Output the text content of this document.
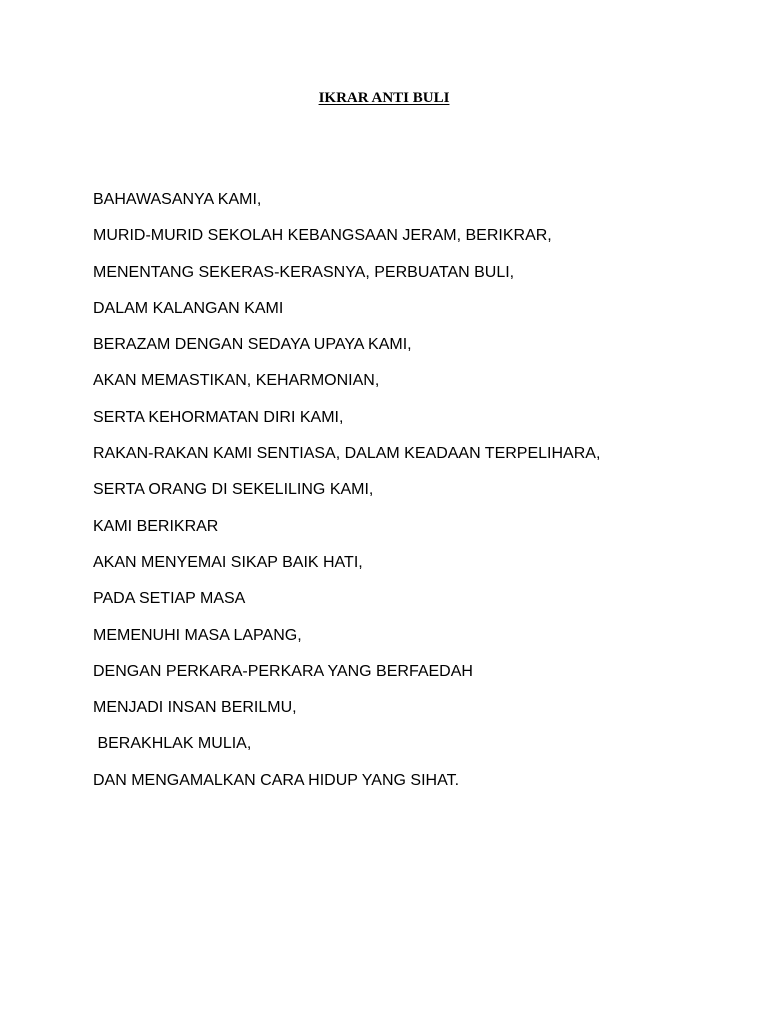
IKRAR ANTI BULI
BAHAWASANYA KAMI,
MURID-MURID SEKOLAH KEBANGSAAN JERAM, BERIKRAR,
MENENTANG SEKERAS-KERASNYA, PERBUATAN BULI,
DALAM KALANGAN KAMI
BERAZAM DENGAN SEDAYA UPAYA KAMI,
AKAN MEMASTIKAN, KEHARMONIAN,
SERTA KEHORMATAN DIRI KAMI,
RAKAN-RAKAN KAMI SENTIASA, DALAM KEADAAN TERPELIHARA,
SERTA ORANG DI SEKELILING KAMI,
KAMI BERIKRAR
AKAN MENYEMAI SIKAP BAIK HATI,
PADA SETIAP MASA
MEMENUHI MASA LAPANG,
DENGAN PERKARA-PERKARA YANG BERFAEDAH
MENJADI INSAN BERILMU,
BERAKHLAK MULIA,
DAN MENGAMALKAN CARA HIDUP YANG SIHAT.
